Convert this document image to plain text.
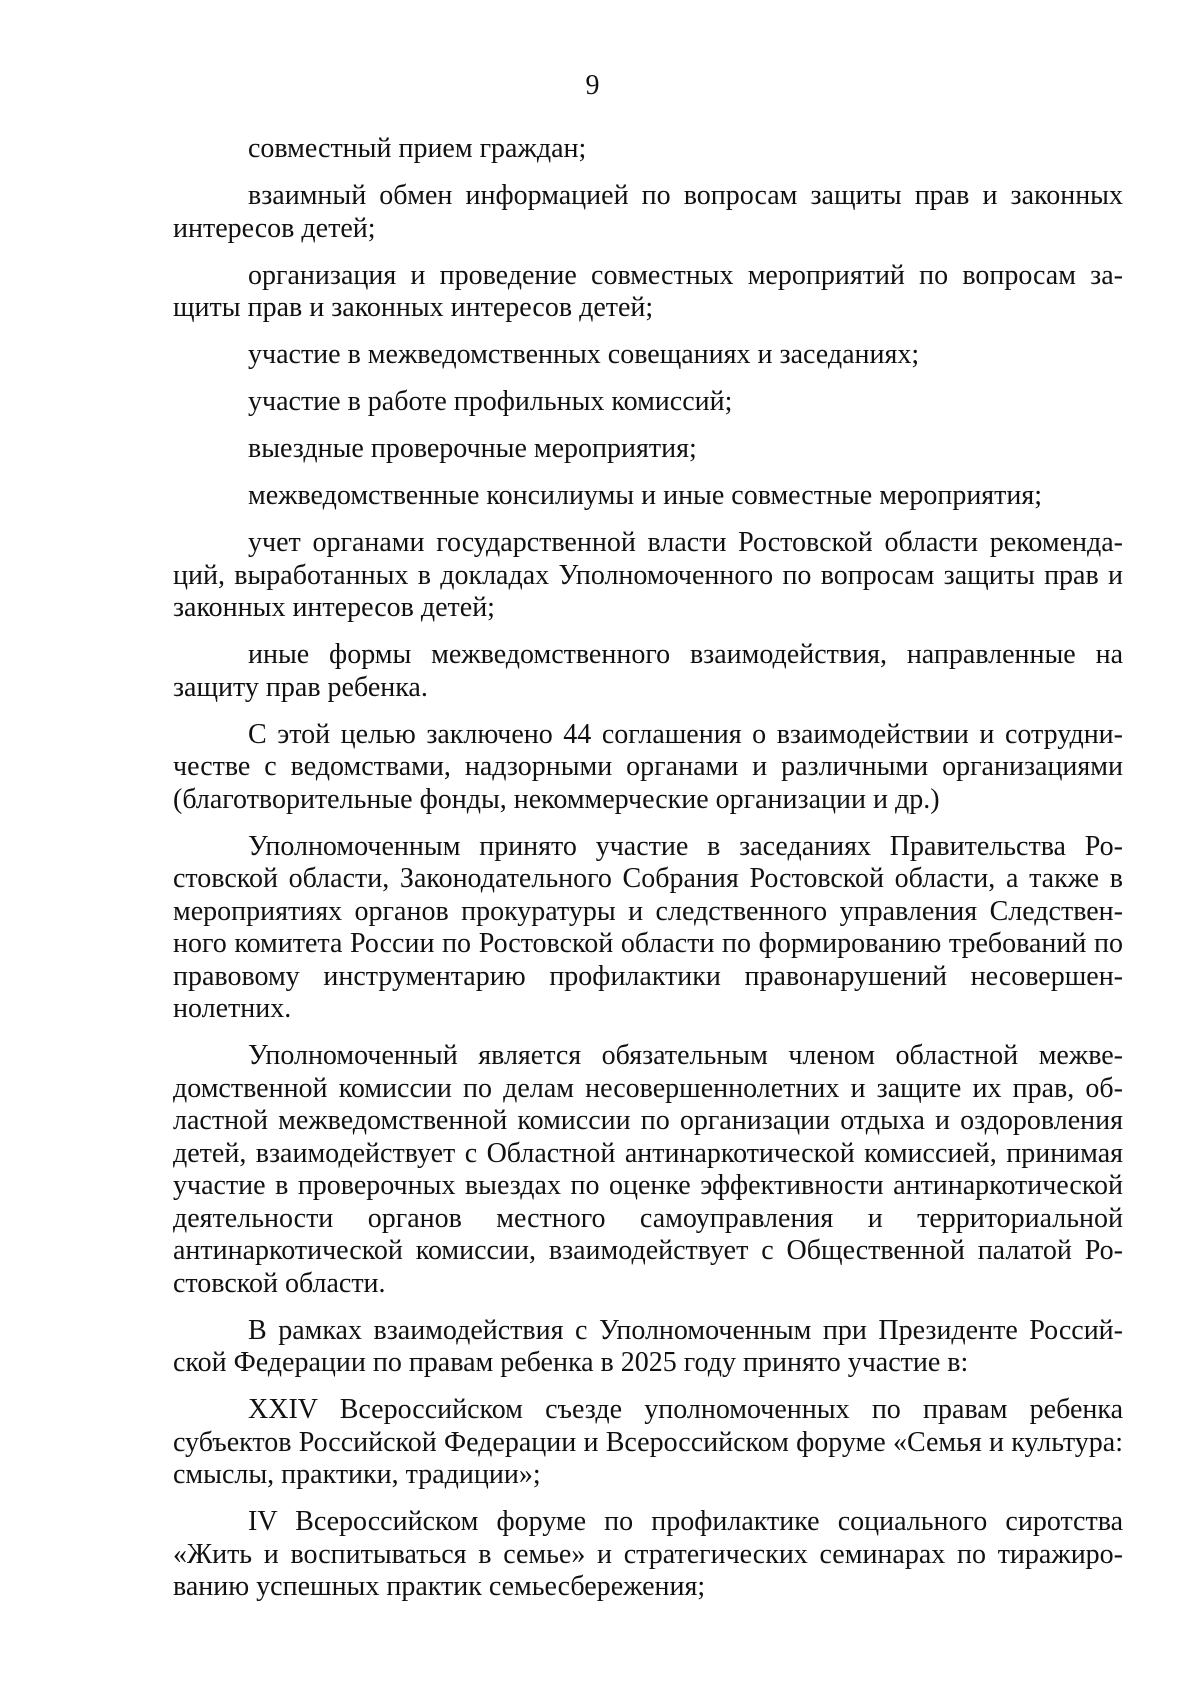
9

совместный прием граждан;

взаимный обмен информацией по вопросам защиты прав и законных интересов детей;

организация и проведение совместных мероприятий по вопросам защиты прав и законных интересов детей;

участие в межведомственных совещаниях и заседаниях;

участие в работе профильных комиссий;

выездные проверочные мероприятия;

межведомственные консилиумы и иные совместные мероприятия;

учет органами государственной власти Ростовской области рекомендаций, выработанных в докладах Уполномоченного по вопросам защиты прав и законных интересов детей;

иные формы межведомственного взаимодействия, направленные на защиту прав ребенка.

С этой целью заключено 44 соглашения о взаимодействии и сотрудничестве с ведомствами, надзорными органами и различными организациями (благотворительные фонды, некоммерческие организации и др.)

Уполномоченным принято участие в заседаниях Правительства Ростовской области, Законодательного Собрания Ростовской области, а также в мероприятиях органов прокуратуры и следственного управления Следственного комитета России по Ростовской области по формированию требований по правовому инструментарию профилактики правонарушений несовершеннолетних.

Уполномоченный является обязательным членом областной межведомственной комиссии по делам несовершеннолетних и защите их прав, областной межведомственной комиссии по организации отдыха и оздоровления детей, взаимодействует с Областной антинаркотической комиссией, принимая участие в проверочных выездах по оценке эффективности антинаркотической деятельности органов местного самоуправления и территориальной антинаркотической комиссии, взаимодействует с Общественной палатой Ростовской области.

В рамках взаимодействия с Уполномоченным при Президенте Российской Федерации по правам ребенка в 2025 году принято участие в:

XXIV Всероссийском съезде уполномоченных по правам ребенка субъектов Российской Федерации и Всероссийском форуме «Семья и культура: смыслы, практики, традиции»;

IV Всероссийском форуме по профилактике социального сиротства «Жить и воспитываться в семье» и стратегических семинарах по тиражированию успешных практик семьесбережения;
